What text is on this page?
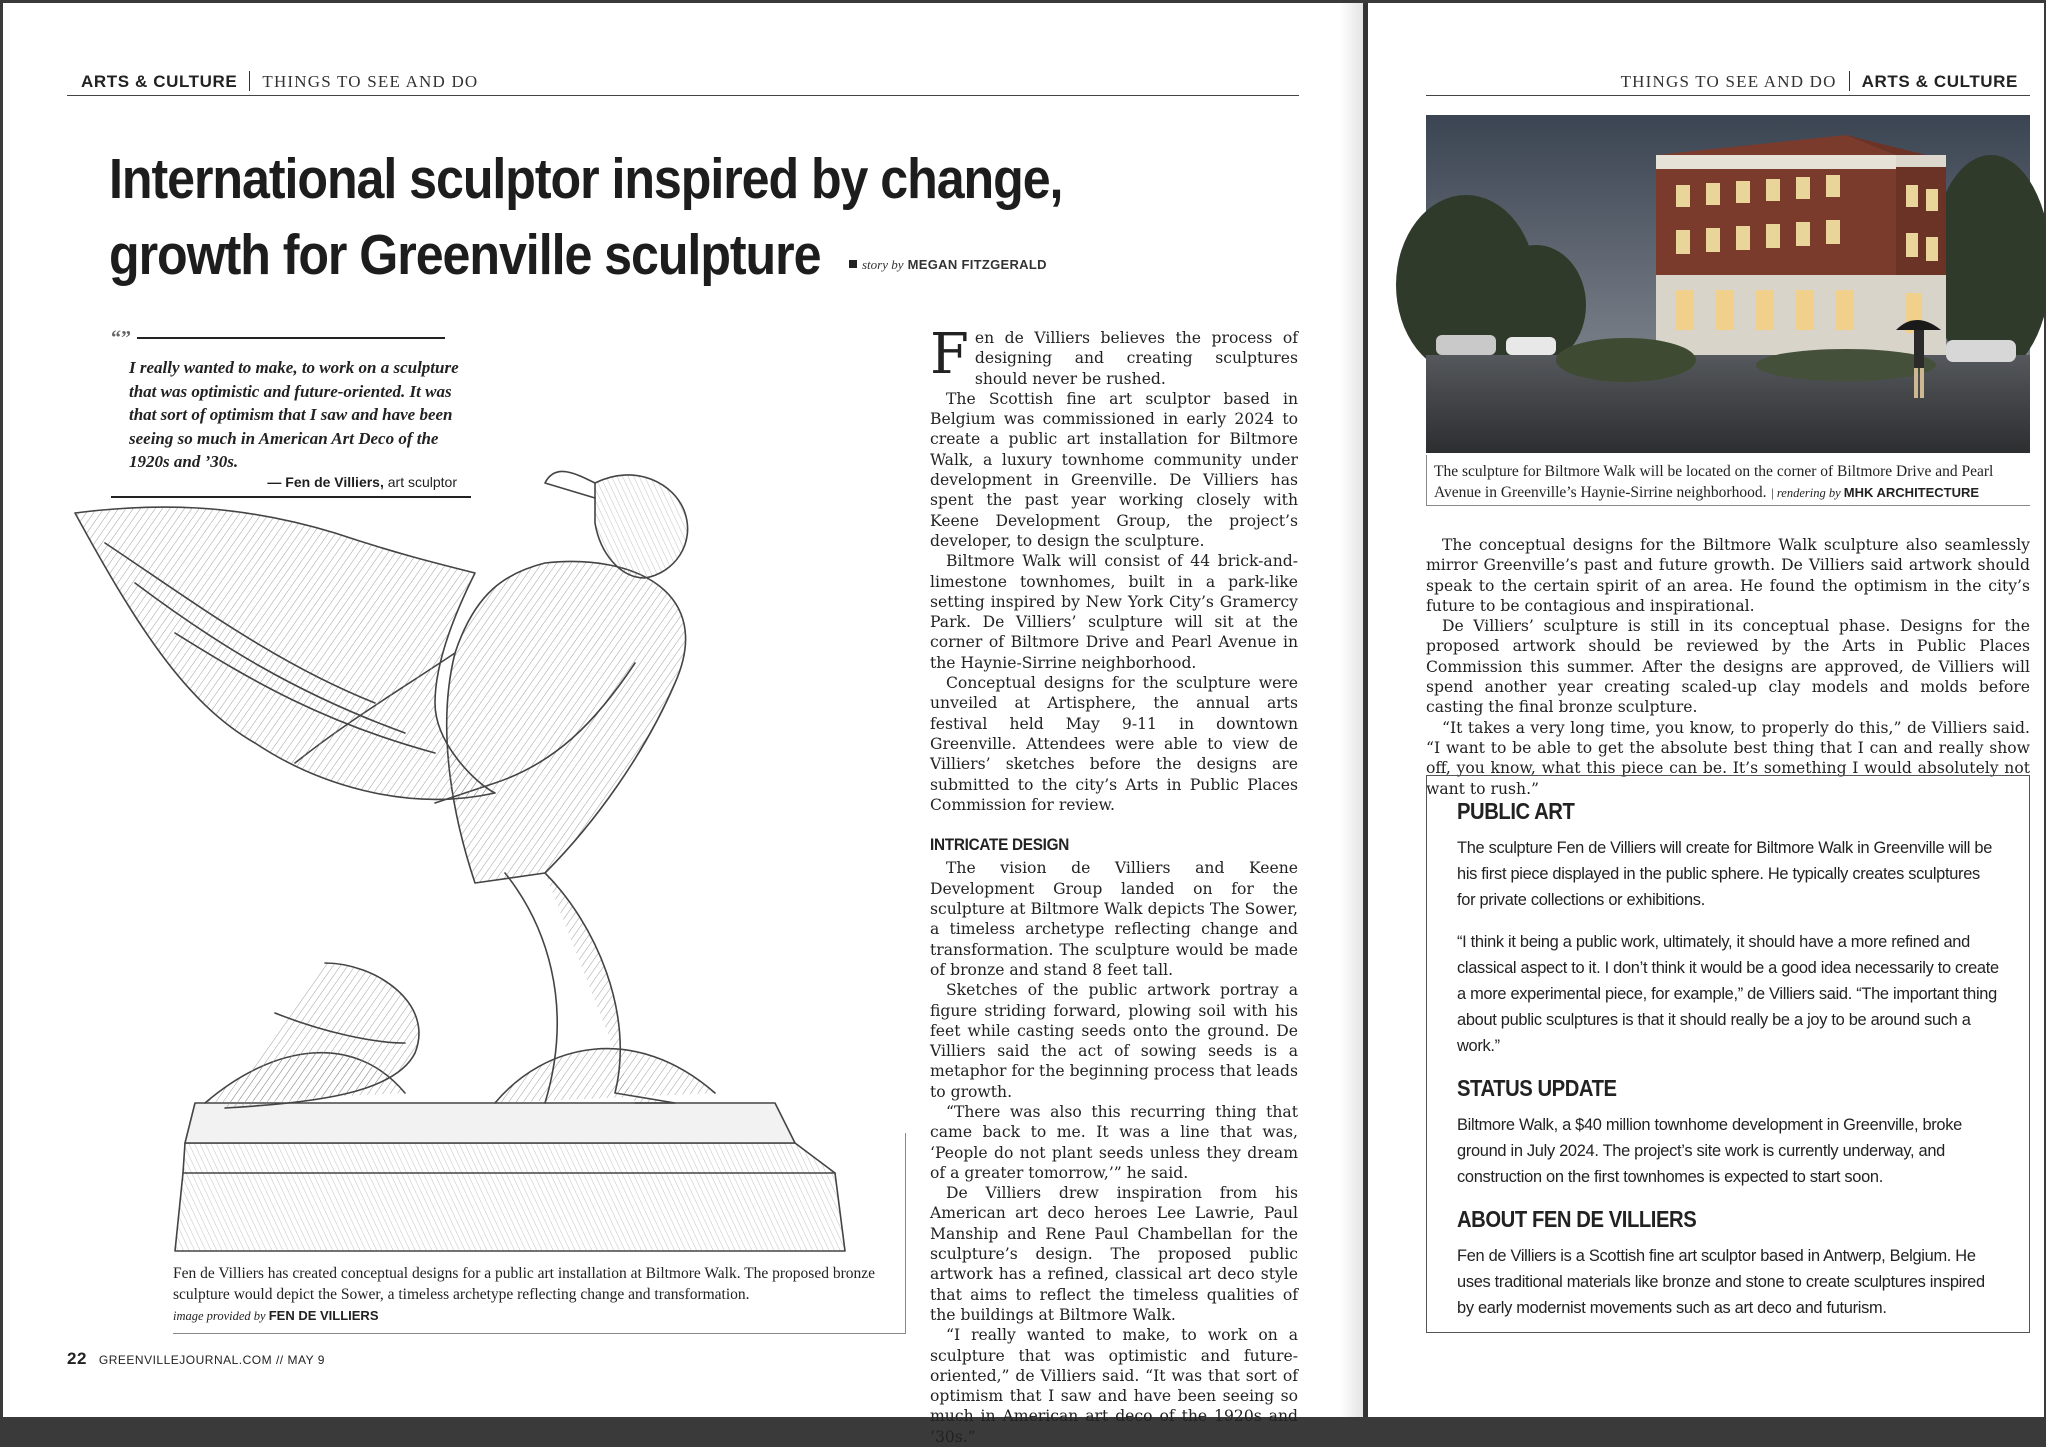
ARTS & CULTURE THINGS TO SEE AND DO
International sculptor inspired by change,
growth for Greenville sculpture	story by MEGAN FITZGERALD
“”
I really wanted to make, to work on a sculpture that was optimistic and future-oriented. It was that sort of optimism that I saw and have been seeing so much in American Art Deco of the 1920s and ’30s.
— Fen de Villiers, art sculptor
Fen de Villiers has created conceptual designs for a public art installation at Biltmore Walk. The proposed bronze sculpture would depict the Sower, a timeless archetype reflecting change and transformation.
image provided by FEN DE VILLIERS
22 GREENVILLEJOURNAL.COM // MAY 9

Fen de Villiers believes the process of designing and creating sculptures should never be rushed.

The Scottish fine art sculptor based in Belgium was commissioned in early 2024 to create a public art installation for Biltmore Walk, a luxury townhome community under development in Greenville. De Villiers has spent the past year working closely with Keene Development Group, the project’s developer, to design the sculpture.

Biltmore Walk will consist of 44 brick-and-limestone townhomes, built in a park-like setting inspired by New York City’s Gramercy Park. De Villiers’ sculpture will sit at the corner of Biltmore Drive and Pearl Avenue in the Haynie-Sirrine neighborhood.

Conceptual designs for the sculpture were unveiled at Artisphere, the annual arts festival held May 9-11 in downtown Greenville. Attendees were able to view de Villiers’ sketches before the designs are submitted to the city’s Arts in Public Places Commission for review.

INTRICATE DESIGN

The vision de Villiers and Keene Development Group landed on for the sculpture at Biltmore Walk depicts The Sower, a timeless archetype reflecting change and transformation. The sculpture would be made of bronze and stand 8 feet tall.

Sketches of the public artwork portray a figure striding forward, plowing soil with his feet while casting seeds onto the ground. De Villiers said the act of sowing seeds is a metaphor for the beginning process that leads to growth.

“There was also this recurring thing that came back to me. It was a line that was, ‘People do not plant seeds unless they dream of a greater tomorrow,’” he said.

De Villiers drew inspiration from his American art deco heroes Lee Lawrie, Paul Manship and Rene Paul Chambellan for the sculpture’s design. The proposed public artwork has a refined, classical art deco style that aims to reflect the timeless qualities of the buildings at Biltmore Walk.

“I really wanted to make, to work on a sculpture that was optimistic and future-oriented,” de Villiers said. “It was that sort of optimism that I saw and have been seeing so much in American art deco of the 1920s and ’30s.”

THINGS TO SEE AND DO ARTS & CULTURE
The sculpture for Biltmore Walk will be located on the corner of Biltmore Drive and Pearl Avenue in Greenville’s Haynie-Sirrine neighborhood. | rendering by MHK ARCHITECTURE

The conceptual designs for the Biltmore Walk sculpture also seamlessly mirror Greenville’s past and future growth. De Villiers said artwork should speak to the certain spirit of an area. He found the optimism in the city’s future to be contagious and inspirational.

De Villiers’ sculpture is still in its conceptual phase. Designs for the proposed artwork should be reviewed by the Arts in Public Places Commission this summer. After the designs are approved, de Villiers will spend another year creating scaled-up clay models and molds before casting the final bronze sculpture.

“It takes a very long time, you know, to properly do this,” de Villiers said. “I want to be able to get the absolute best thing that I can and really show off, you know, what this piece can be. It’s something I would absolutely not want to rush.”

PUBLIC ART

The sculpture Fen de Villiers will create for Biltmore Walk in Greenville will be his first piece displayed in the public sphere. He typically creates sculptures for private collections or exhibitions.

“I think it being a public work, ultimately, it should have a more refined and classical aspect to it. I don’t think it would be a good idea necessarily to create a more experimental piece, for example,” de Villiers said. “The important thing about public sculptures is that it should really be a joy to be around such a work.”

STATUS UPDATE

Biltmore Walk, a $40 million townhome development in Greenville, broke ground in July 2024. The project’s site work is currently underway, and construction on the first townhomes is expected to start soon.

ABOUT FEN DE VILLIERS

Fen de Villiers is a Scottish fine art sculptor based in Antwerp, Belgium. He uses traditional materials like bronze and stone to create sculptures inspired by early modernist movements such as art deco and futurism.
